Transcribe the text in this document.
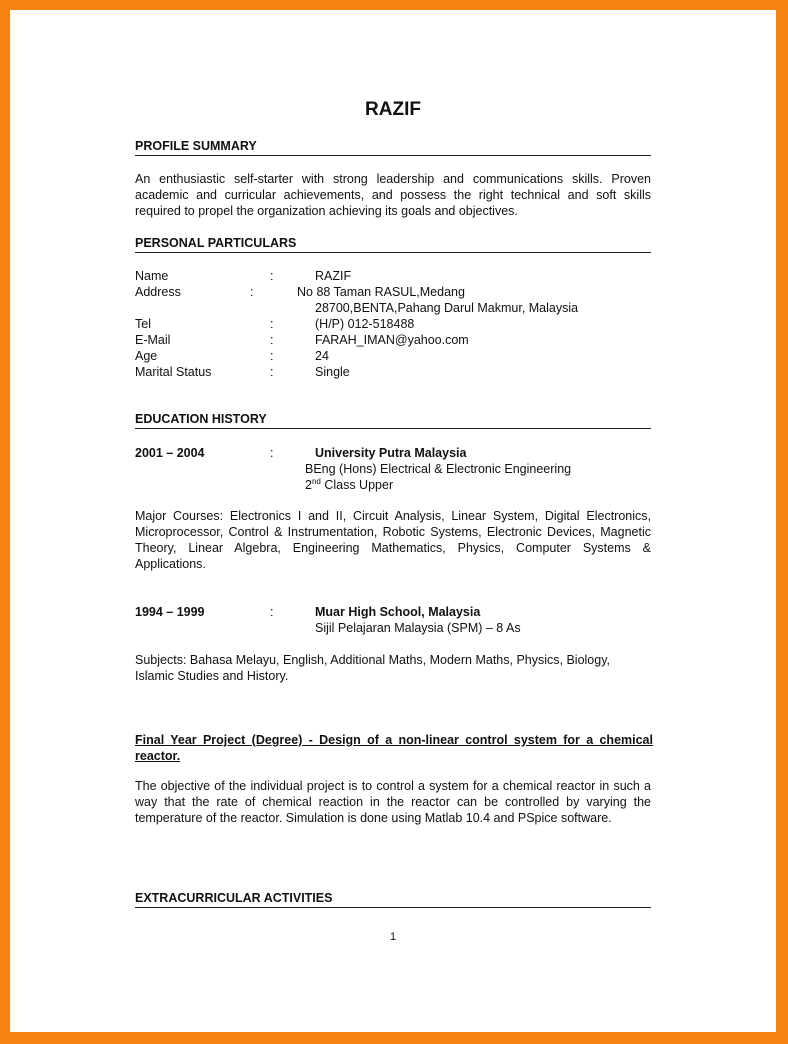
RAZIF
PROFILE SUMMARY
An enthusiastic self-starter with strong leadership and communications skills. Proven academic and curricular achievements, and possess the right technical and soft skills required to propel the organization achieving its goals and objectives.
PERSONAL PARTICULARS
Name	:	RAZIF
Address	:	No 88 Taman RASUL,Medang
28700,BENTA,Pahang Darul Makmur, Malaysia
Tel	:	(H/P) 012-518488
E-Mail	:	FARAH_IMAN@yahoo.com
Age	:	24
Marital Status	:	Single
EDUCATION HISTORY
2001 – 2004	:	University Putra Malaysia
BEng (Hons) Electrical & Electronic Engineering
2nd Class Upper
Major Courses: Electronics I and II, Circuit Analysis, Linear System, Digital Electronics, Microprocessor, Control & Instrumentation, Robotic Systems, Electronic Devices, Magnetic Theory, Linear Algebra, Engineering Mathematics, Physics, Computer Systems & Applications.
1994 – 1999	:	Muar High School, Malaysia
Sijil Pelajaran Malaysia (SPM) – 8 As
Subjects: Bahasa Melayu, English, Additional Maths, Modern Maths, Physics, Biology, Islamic Studies and History.
Final Year Project (Degree) - Design of a non-linear control system for a chemical reactor.
The objective of the individual project is to control a system for a chemical reactor in such a way that the rate of chemical reaction in the reactor can be controlled by varying the temperature of the reactor. Simulation is done using Matlab 10.4 and PSpice software.
EXTRACURRICULAR ACTIVITIES
1
